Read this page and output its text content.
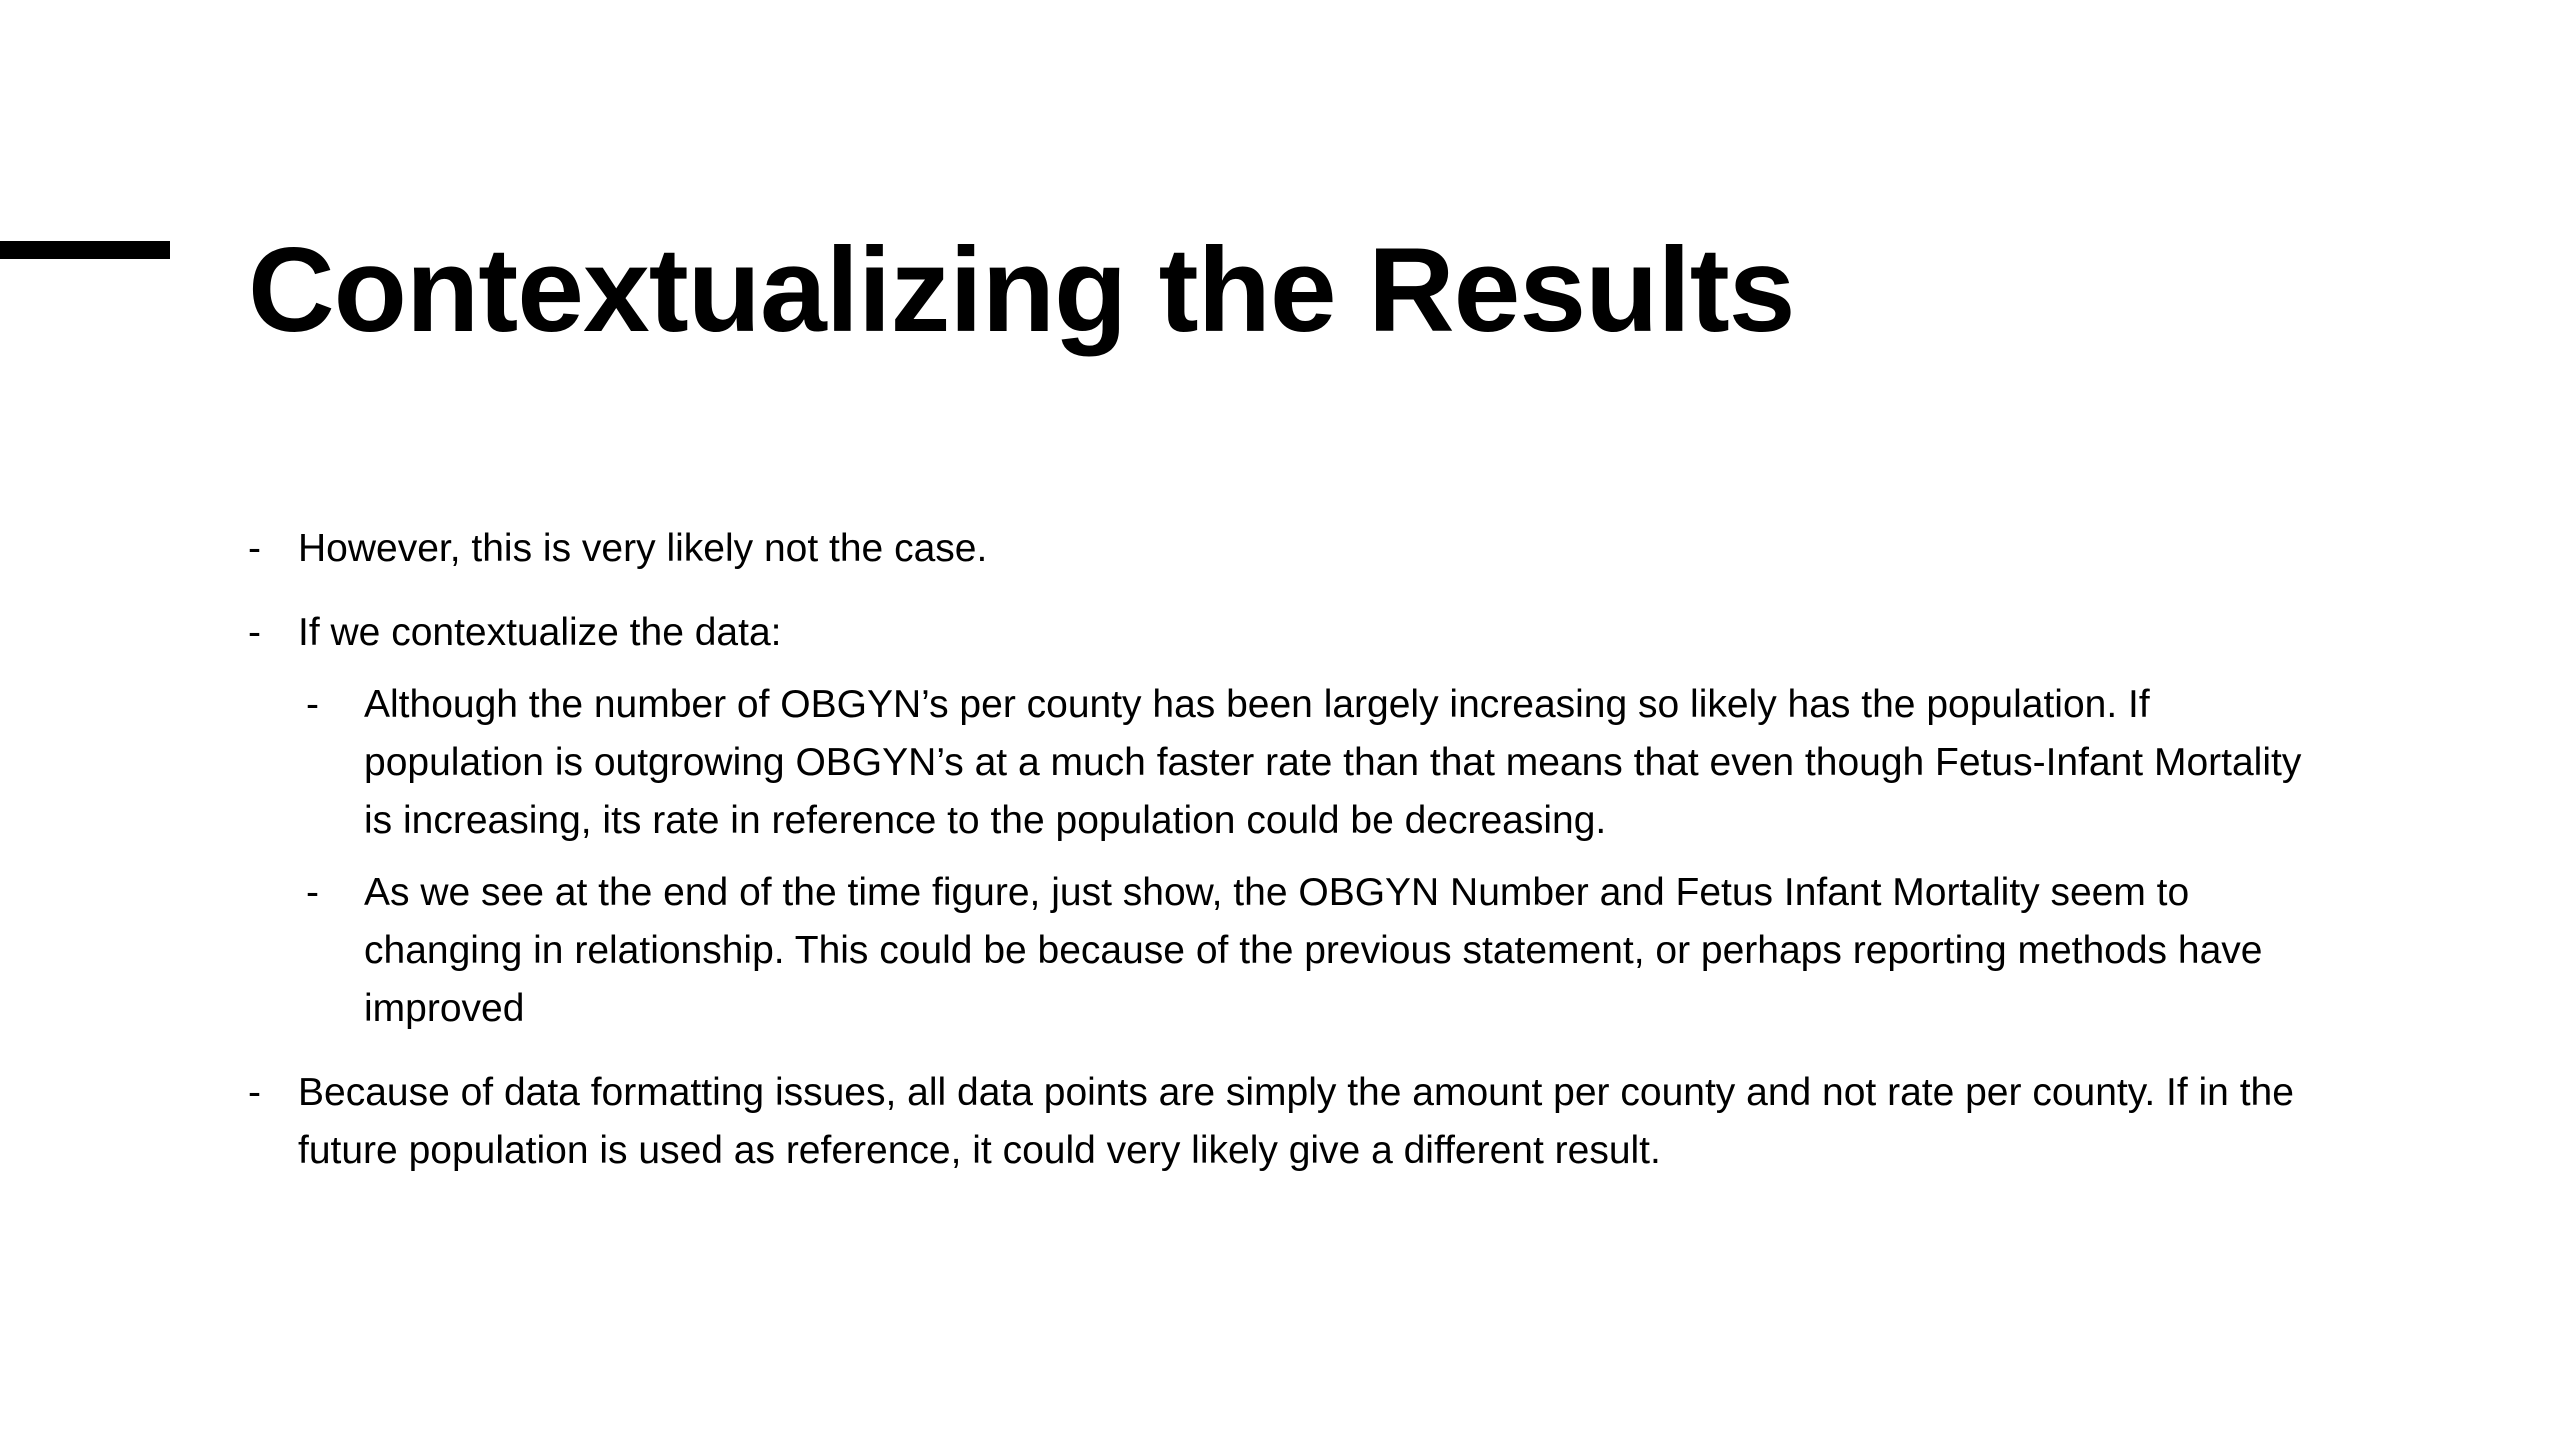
Contextualizing the Results
- However, this is very likely not the case.
- If we contextualize the data:
-	Although the number of OBGYN’s per county has been largely increasing so likely has the population. If population is outgrowing OBGYN’s at a much faster rate than that means that even though Fetus-Infant Mortality is increasing, its rate in reference to the population could be decreasing.
-	As we see at the end of the time figure, just show, the OBGYN Number and Fetus Infant Mortality seem to changing in relationship. This could be because of the previous statement, or perhaps reporting methods have improved
- Because of data formatting issues, all data points are simply the amount per county and not rate per county. If in the future population is used as reference, it could very likely give a different result.
